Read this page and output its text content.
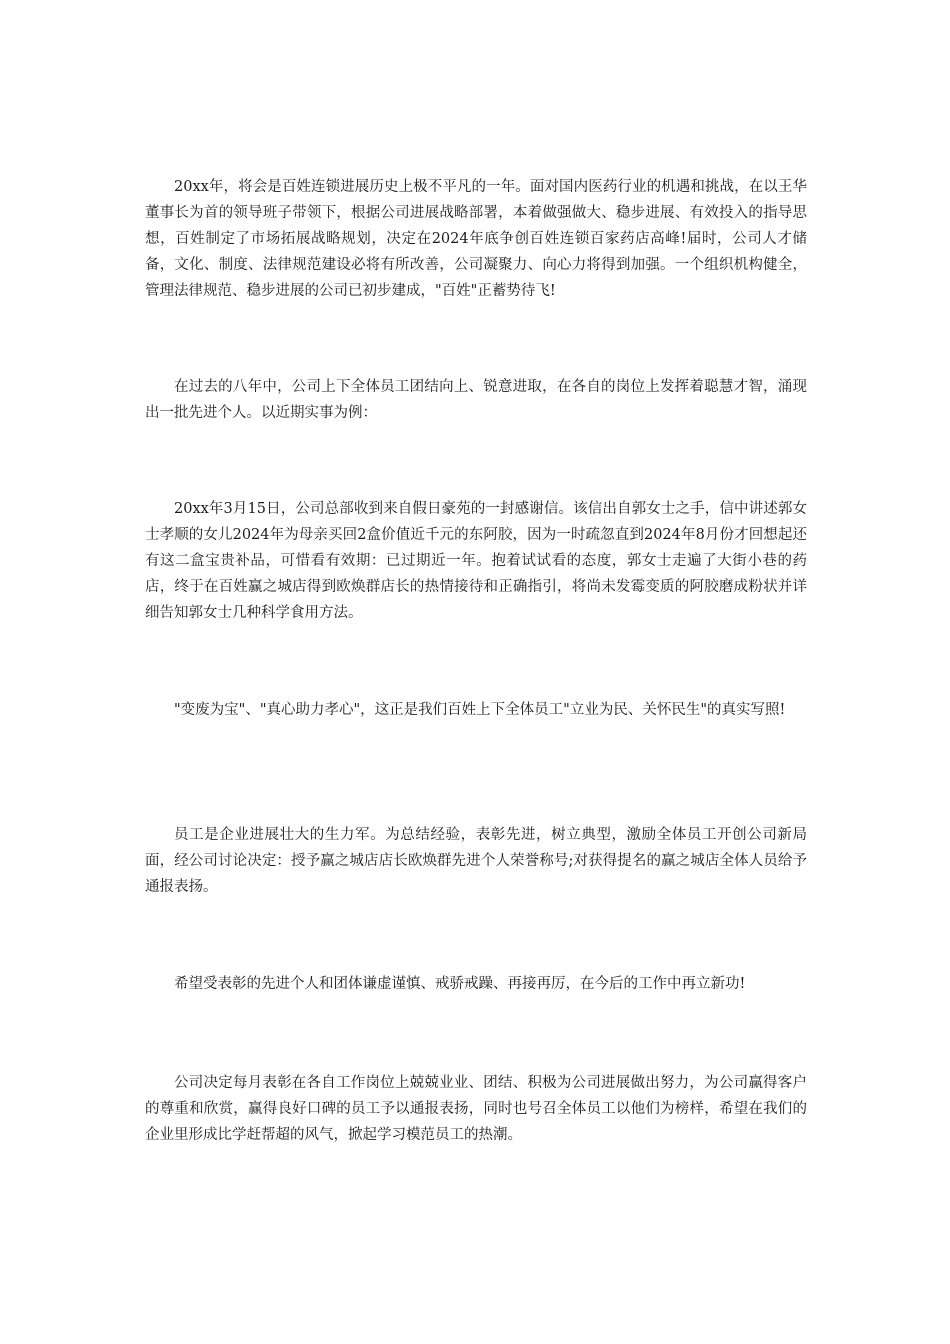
20xx年，将会是百姓连锁进展历史上极不平凡的一年。面对国内医药行业的机遇和挑战，在以王华董事长为首的领导班子带领下，根据公司进展战略部署，本着做强做大、稳步进展、有效投入的指导思想，百姓制定了市场拓展战略规划，决定在2024年底争创百姓连锁百家药店高峰!届时，公司人才储备，文化、制度、法律规范建设必将有所改善，公司凝聚力、向心力将得到加强。一个组织机构健全，管理法律规范、稳步进展的公司已初步建成，"百姓"正蓄势待飞!

在过去的八年中，公司上下全体员工团结向上、锐意进取，在各自的岗位上发挥着聪慧才智，涌现出一批先进个人。以近期实事为例：

20xx年3月15日，公司总部收到来自假日豪苑的一封感谢信。该信出自郭女士之手，信中讲述郭女士孝顺的女儿2024年为母亲买回2盒价值近千元的东阿胶，因为一时疏忽直到2024年8月份才回想起还有这二盒宝贵补品，可惜看有效期：已过期近一年。抱着试试看的态度，郭女士走遍了大街小巷的药店，终于在百姓赢之城店得到欧焕群店长的热情接待和正确指引，将尚未发霉变质的阿胶磨成粉状并详细告知郭女士几种科学食用方法。

"变废为宝"、"真心助力孝心"，这正是我们百姓上下全体员工"立业为民、关怀民生"的真实写照!

员工是企业进展壮大的生力军。为总结经验，表彰先进，树立典型，激励全体员工开创公司新局面，经公司讨论决定：授予赢之城店店长欧焕群先进个人荣誉称号;对获得提名的赢之城店全体人员给予通报表扬。

希望受表彰的先进个人和团体谦虚谨慎、戒骄戒躁、再接再厉，在今后的工作中再立新功!

公司决定每月表彰在各自工作岗位上兢兢业业、团结、积极为公司进展做出努力，为公司赢得客户的尊重和欣赏，赢得良好口碑的员工予以通报表扬，同时也号召全体员工以他们为榜样，希望在我们的企业里形成比学赶帮超的风气，掀起学习模范员工的热潮。
